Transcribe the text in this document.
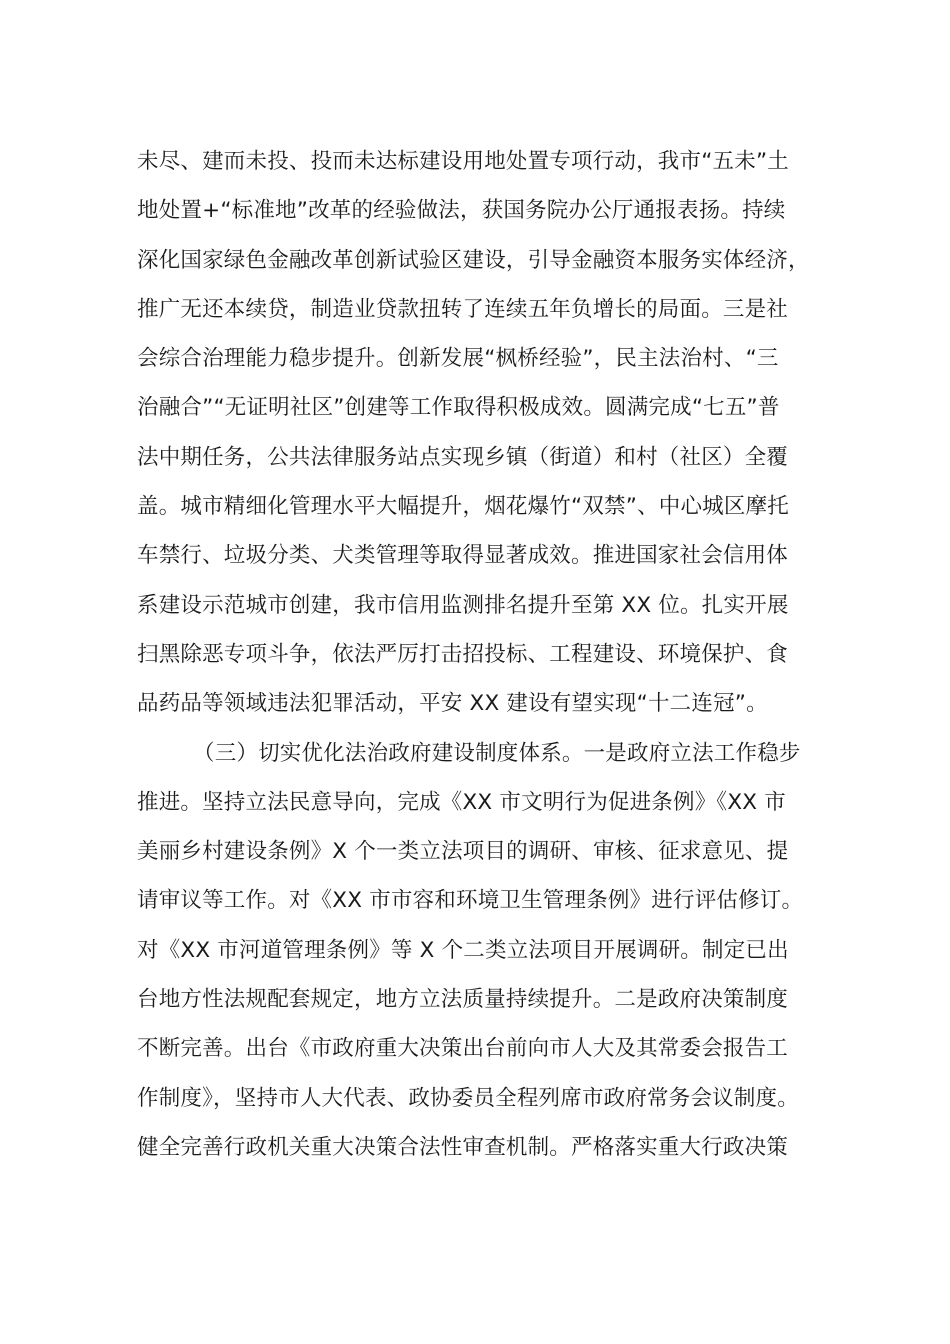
未尽、建而未投、投而未达标建设用地处置专项行动，我市“五未”土
地处置+“标准地”改革的经验做法，获国务院办公厅通报表扬。持续
深化国家绿色金融改革创新试验区建设，引导金融资本服务实体经济，
推广无还本续贷，制造业贷款扭转了连续五年负增长的局面。三是社
会综合治理能力稳步提升。创新发展“枫桥经验”，民主法治村、“三
治融合”“无证明社区”创建等工作取得积极成效。圆满完成“七五”普
法中期任务，公共法律服务站点实现乡镇（街道）和村（社区）全覆
盖。城市精细化管理水平大幅提升，烟花爆竹“双禁”、中心城区摩托
车禁行、垃圾分类、犬类管理等取得显著成效。推进国家社会信用体
系建设示范城市创建，我市信用监测排名提升至第 XX 位。扎实开展
扫黑除恶专项斗争，依法严厉打击招投标、工程建设、环境保护、食
品药品等领域违法犯罪活动，平安 XX 建设有望实现“十二连冠”。
（三）切实优化法治政府建设制度体系。一是政府立法工作稳步
推进。坚持立法民意导向，完成《XX 市文明行为促进条例》《XX 市
美丽乡村建设条例》X 个一类立法项目的调研、审核、征求意见、提
请审议等工作。对《XX 市市容和环境卫生管理条例》进行评估修订。
对《XX 市河道管理条例》等 X 个二类立法项目开展调研。制定已出
台地方性法规配套规定，地方立法质量持续提升。二是政府决策制度
不断完善。出台《市政府重大决策出台前向市人大及其常委会报告工
作制度》，坚持市人大代表、政协委员全程列席市政府常务会议制度。
健全完善行政机关重大决策合法性审查机制。严格落实重大行政决策
